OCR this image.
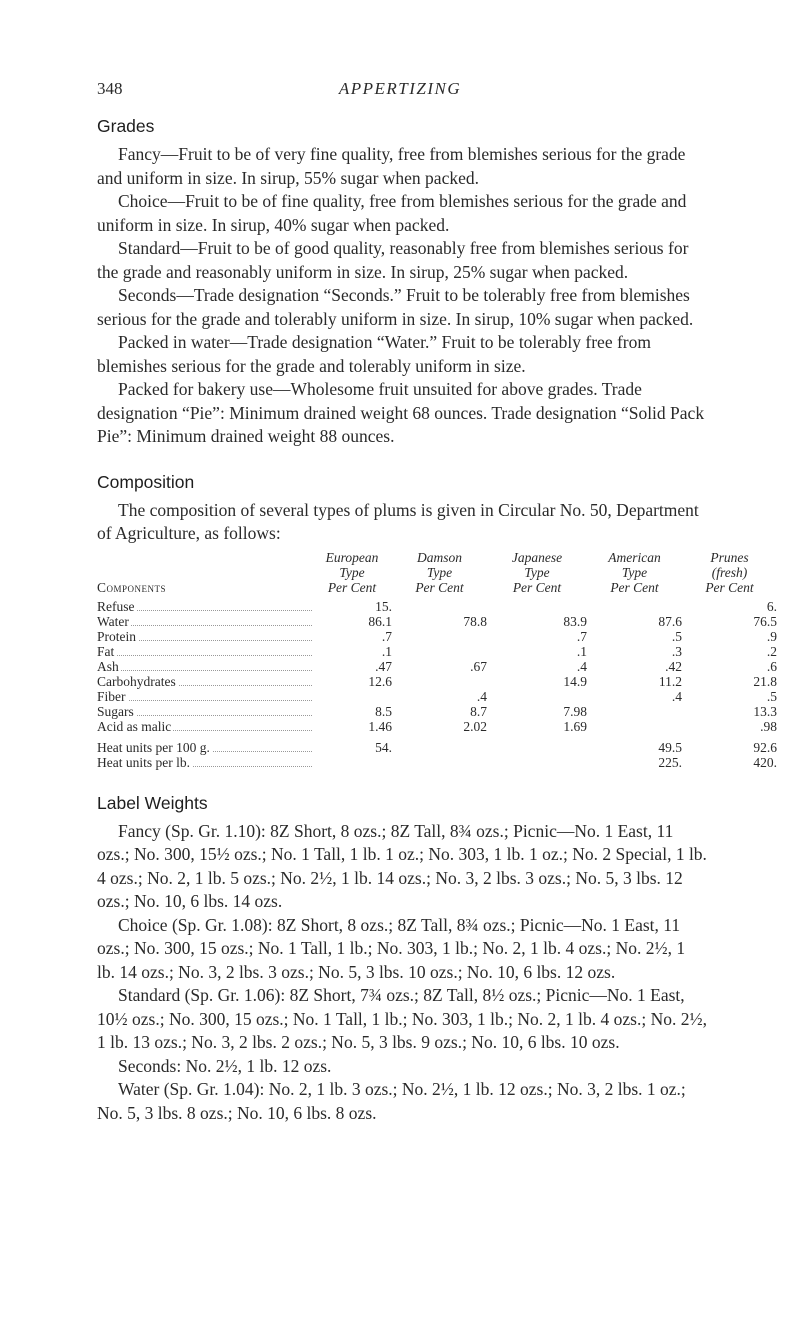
348	APPERTIZING
Grades

Fancy—Fruit to be of very fine quality, free from blemishes serious for the grade and uniform in size. In sirup, 55% sugar when packed.

Choice—Fruit to be of fine quality, free from blemishes serious for the grade and uniform in size. In sirup, 40% sugar when packed.

Standard—Fruit to be of good quality, reasonably free from blemishes serious for the grade and reasonably uniform in size. In sirup, 25% sugar when packed.

Seconds—Trade designation “Seconds.” Fruit to be tolerably free from blemishes serious for the grade and tolerably uniform in size. In sirup, 10% sugar when packed.

Packed in water—Trade designation “Water.” Fruit to be tolerably free from blemishes serious for the grade and tolerably uniform in size.

Packed for bakery use—Wholesome fruit unsuited for above grades. Trade designation “Pie”: Minimum drained weight 68 ounces. Trade designation “Solid Pack Pie”: Minimum drained weight 88 ounces.

Composition

The composition of several types of plums is given in Circular No. 50, Department of Agriculture, as follows:

	European	Damson	Japanese	American	Prunes
	Type	Type	Type	Type	(fresh)
Components	Per Cent	Per Cent	Per Cent	Per Cent	Per Cent

Refuse	15.				6.
Water	86.1	78.8	83.9	87.6	76.5
Protein	.7		.7	.5	.9
Fat	.1		.1	.3	.2
Ash	.47	.67	.4	.42	.6
Carbohydrates	12.6		14.9	11.2	21.8
Fiber		.4		.4	.5
Sugars	8.5	8.7	7.98		13.3
Acid as malic	1.46	2.02	1.69		.98

Heat units per 100 g.	54.			49.5	92.6
Heat units per lb.				225.	420.
Label Weights

Fancy (Sp. Gr. 1.10): 8Z Short, 8 ozs.; 8Z Tall, 8¾ ozs.; Picnic—No. 1 East, 11 ozs.; No. 300, 15½ ozs.; No. 1 Tall, 1 lb. 1 oz.; No. 303, 1 lb. 1 oz.; No. 2 Special, 1 lb. 4 ozs.; No. 2, 1 lb. 5 ozs.; No. 2½, 1 lb. 14 ozs.; No. 3, 2 lbs. 3 ozs.; No. 5, 3 lbs. 12 ozs.; No. 10, 6 lbs. 14 ozs.

Choice (Sp. Gr. 1.08): 8Z Short, 8 ozs.; 8Z Tall, 8¾ ozs.; Picnic—No. 1 East, 11 ozs.; No. 300, 15 ozs.; No. 1 Tall, 1 lb.; No. 303, 1 lb.; No. 2, 1 lb. 4 ozs.; No. 2½, 1 lb. 14 ozs.; No. 3, 2 lbs. 3 ozs.; No. 5, 3 lbs. 10 ozs.; No. 10, 6 lbs. 12 ozs.

Standard (Sp. Gr. 1.06): 8Z Short, 7¾ ozs.; 8Z Tall, 8½ ozs.; Picnic—No. 1 East, 10½ ozs.; No. 300, 15 ozs.; No. 1 Tall, 1 lb.; No. 303, 1 lb.; No. 2, 1 lb. 4 ozs.; No. 2½, 1 lb. 13 ozs.; No. 3, 2 lbs. 2 ozs.; No. 5, 3 lbs. 9 ozs.; No. 10, 6 lbs. 10 ozs.

Seconds: No. 2½, 1 lb. 12 ozs.

Water (Sp. Gr. 1.04): No. 2, 1 lb. 3 ozs.; No. 2½, 1 lb. 12 ozs.; No. 3, 2 lbs. 1 oz.; No. 5, 3 lbs. 8 ozs.; No. 10, 6 lbs. 8 ozs.
